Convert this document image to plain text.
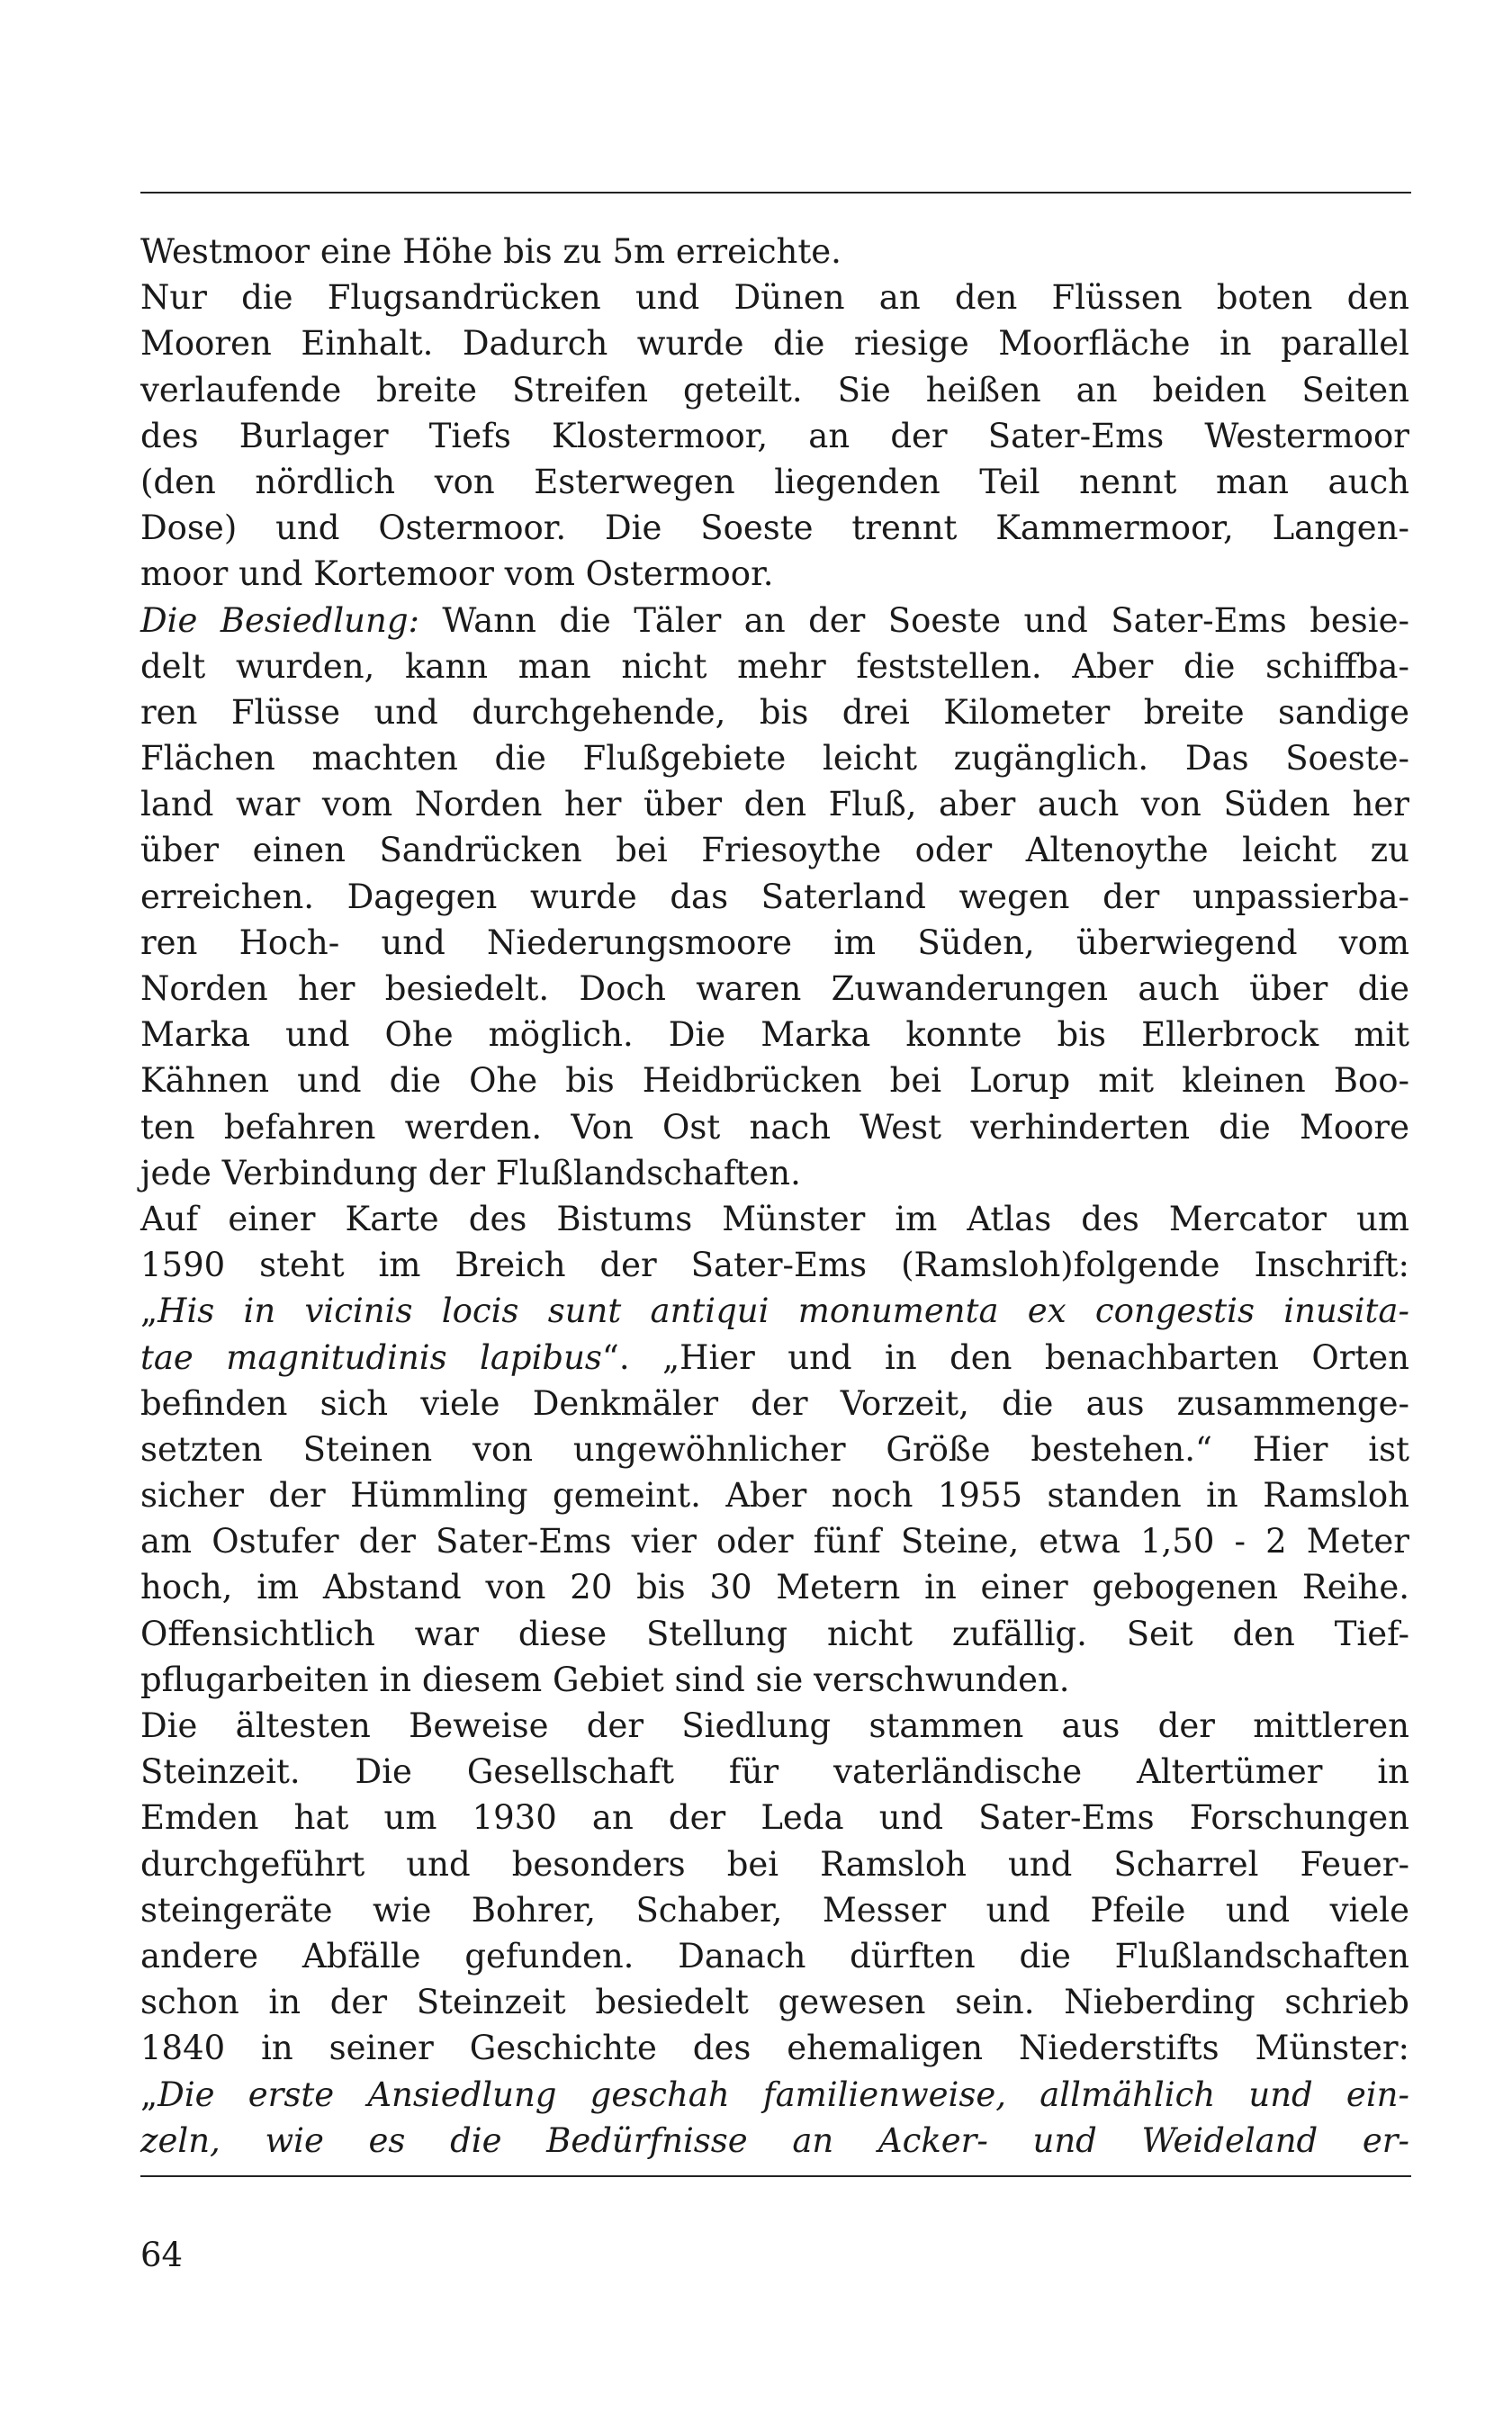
Westmoor eine Höhe bis zu 5m erreichte.
Nur die Flugsandrücken und Dünen an den Flüssen boten den
Mooren Einhalt. Dadurch wurde die riesige Moorfläche in parallel
verlaufende breite Streifen geteilt. Sie heißen an beiden Seiten
des Burlager Tiefs Klostermoor, an der Sater-Ems Westermoor
(den nördlich von Esterwegen liegenden Teil nennt man auch
Dose) und Ostermoor. Die Soeste trennt Kammermoor, Langen-
moor und Kortemoor vom Ostermoor.
Die Besiedlung: Wann die Täler an der Soeste und Sater-Ems besie-
delt wurden, kann man nicht mehr feststellen. Aber die schiffba-
ren Flüsse und durchgehende, bis drei Kilometer breite sandige
Flächen machten die Flußgebiete leicht zugänglich. Das Soeste-
land war vom Norden her über den Fluß, aber auch von Süden her
über einen Sandrücken bei Friesoythe oder Altenoythe leicht zu
erreichen. Dagegen wurde das Saterland wegen der unpassierba-
ren Hoch- und Niederungsmoore im Süden, überwiegend vom
Norden her besiedelt. Doch waren Zuwanderungen auch über die
Marka und Ohe möglich. Die Marka konnte bis Ellerbrock mit
Kähnen und die Ohe bis Heidbrücken bei Lorup mit kleinen Boo-
ten befahren werden. Von Ost nach West verhinderten die Moore
jede Verbindung der Flußlandschaften.
Auf einer Karte des Bistums Münster im Atlas des Mercator um
1590 steht im Breich der Sater-Ems (Ramsloh)folgende Inschrift:
„His in vicinis locis sunt antiqui monumenta ex congestis inusita-
tae magnitudinis lapibus“. „Hier und in den benachbarten Orten
befinden sich viele Denkmäler der Vorzeit, die aus zusammenge-
setzten Steinen von ungewöhnlicher Größe bestehen.“ Hier ist
sicher der Hümmling gemeint. Aber noch 1955 standen in Ramsloh
am Ostufer der Sater-Ems vier oder fünf Steine, etwa 1,50 - 2 Meter
hoch, im Abstand von 20 bis 30 Metern in einer gebogenen Reihe.
Offensichtlich war diese Stellung nicht zufällig. Seit den Tief-
pflugarbeiten in diesem Gebiet sind sie verschwunden.
Die ältesten Beweise der Siedlung stammen aus der mittleren
Steinzeit. Die Gesellschaft für vaterländische Altertümer in
Emden hat um 1930 an der Leda und Sater-Ems Forschungen
durchgeführt und besonders bei Ramsloh und Scharrel Feuer-
steingeräte wie Bohrer, Schaber, Messer und Pfeile und viele
andere Abfälle gefunden. Danach dürften die Flußlandschaften
schon in der Steinzeit besiedelt gewesen sein. Nieberding schrieb
1840 in seiner Geschichte des ehemaligen Niederstifts Münster:
„Die erste Ansiedlung geschah familienweise, allmählich und ein-
zeln, wie es die Bedürfnisse an Acker- und Weideland er-
64
